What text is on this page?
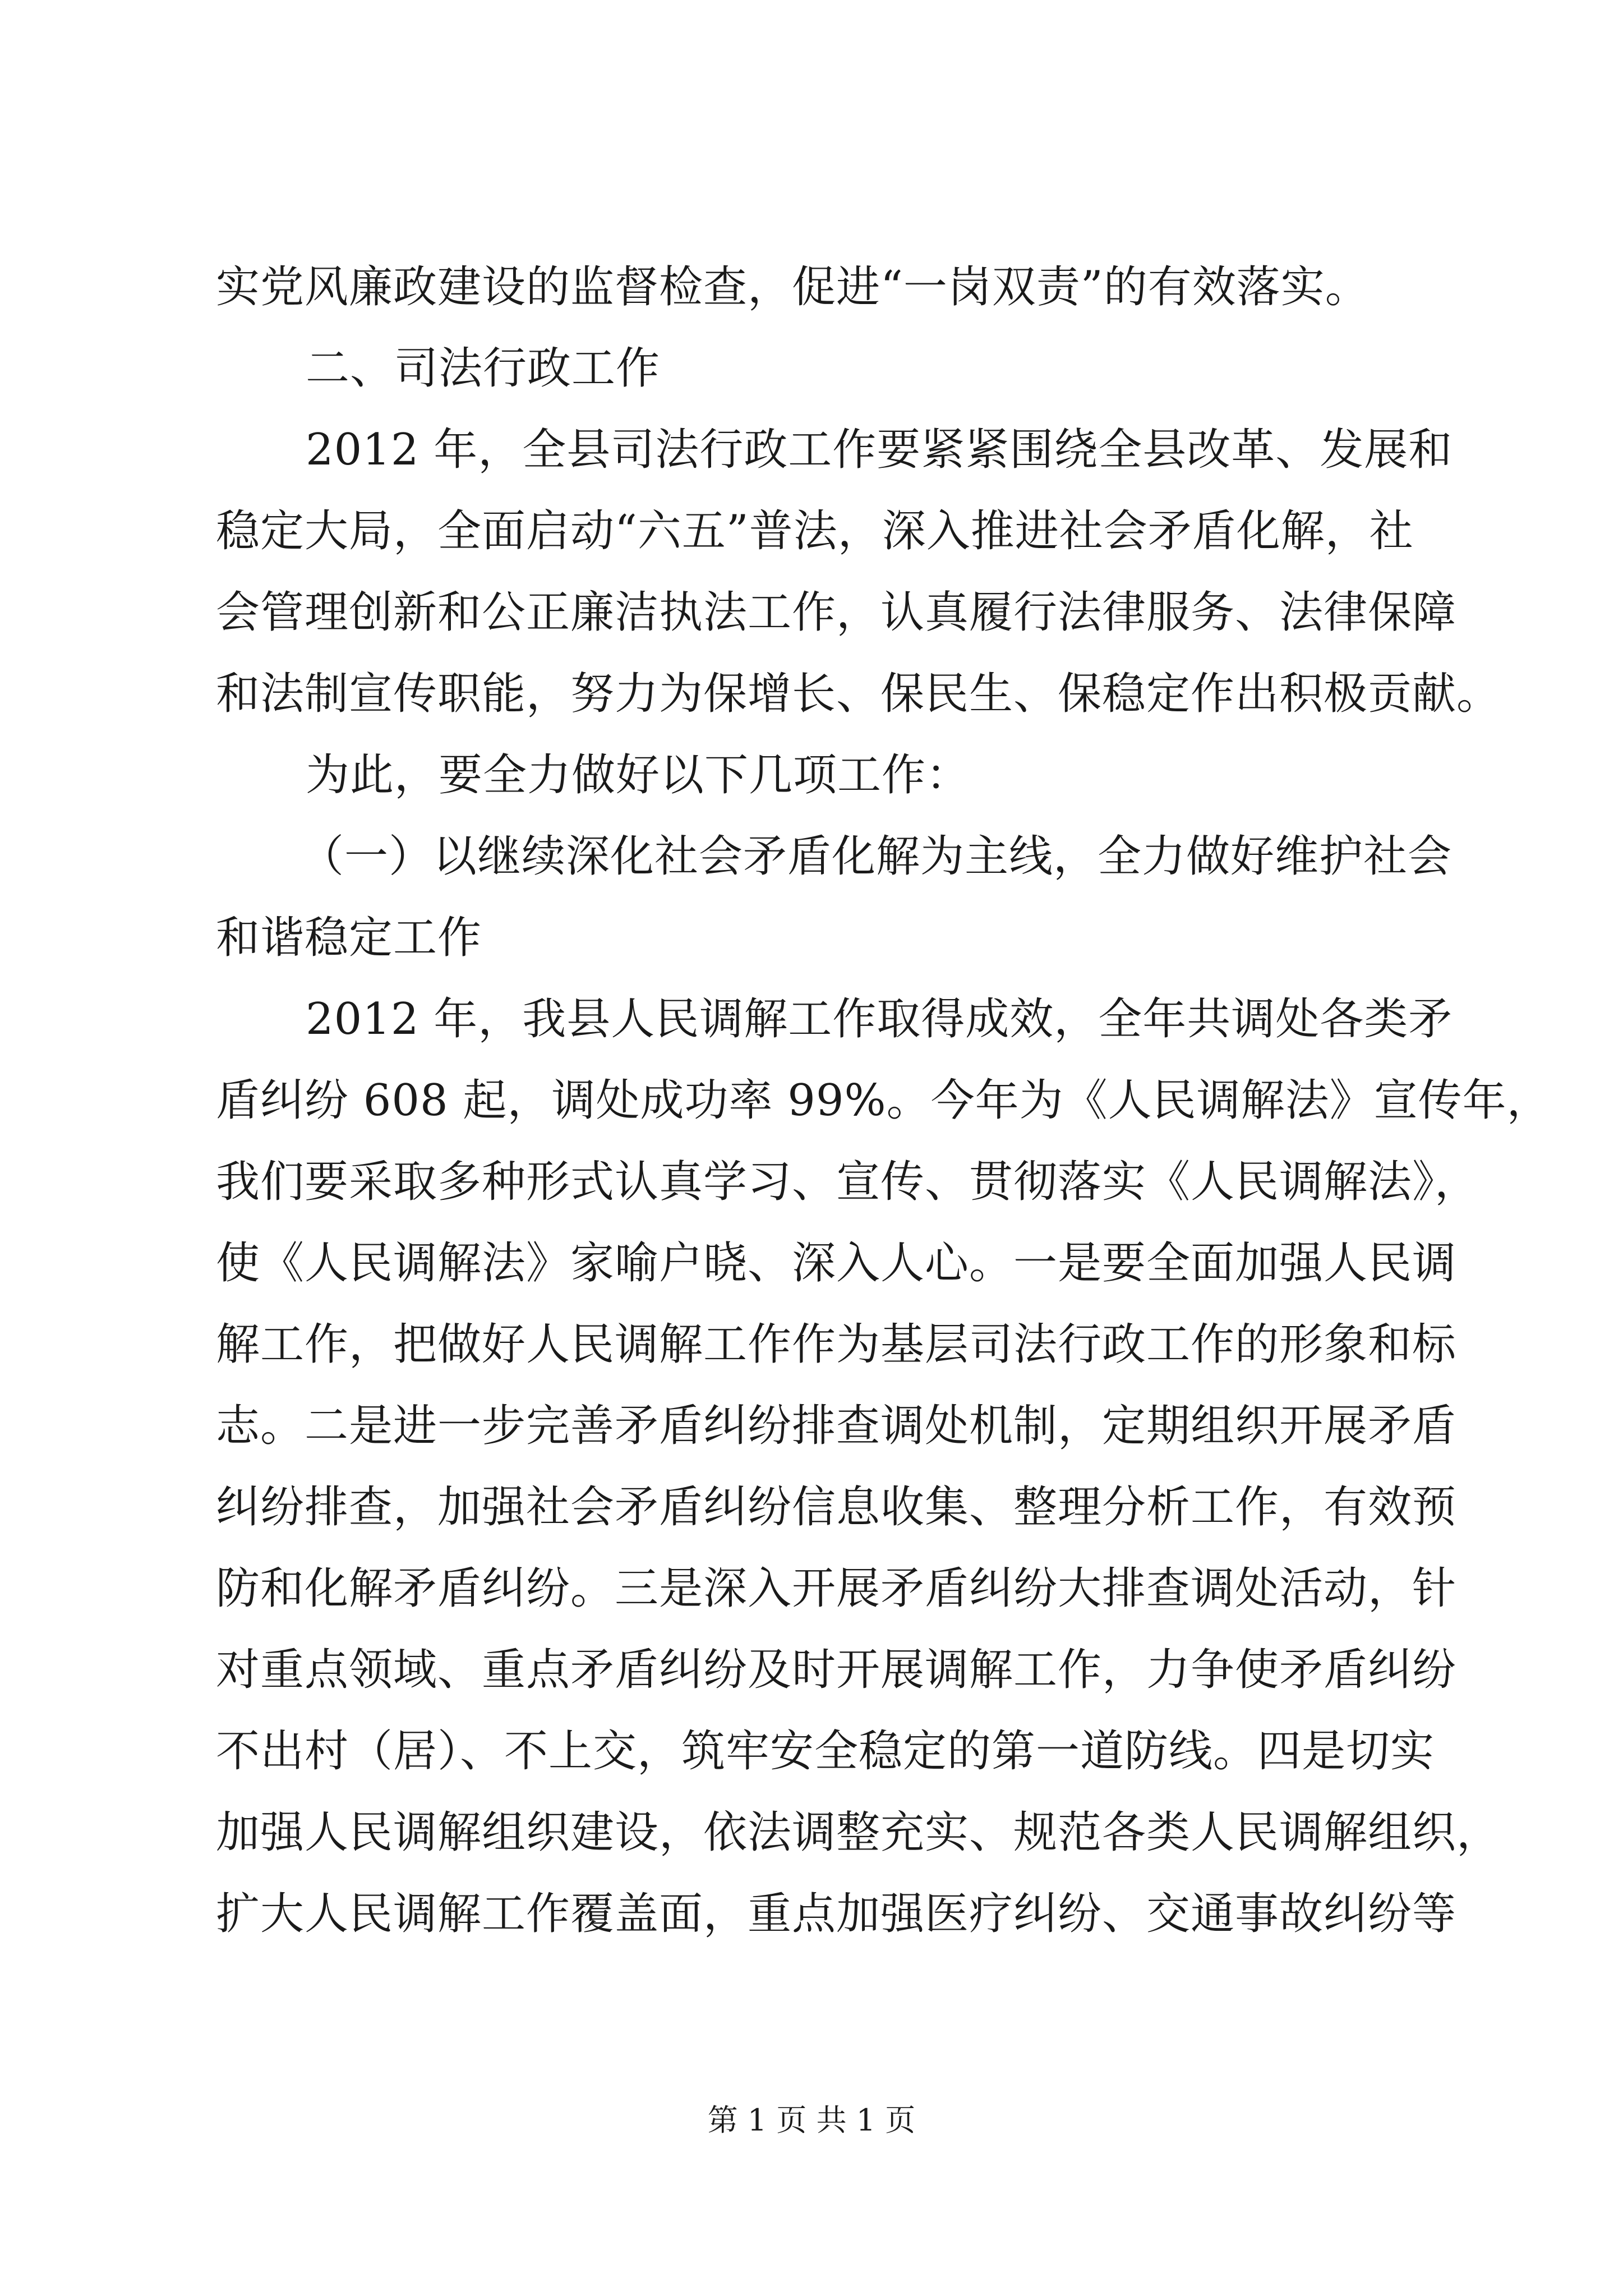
实党风廉政建设的监督检查，促进“一岗双责”的有效落实。
二、司法行政工作
2012 年，全县司法行政工作要紧紧围绕全县改革、发展和
稳定大局，全面启动“六五”普法，深入推进社会矛盾化解，社
会管理创新和公正廉洁执法工作，认真履行法律服务、法律保障
和法制宣传职能，努力为保增长、保民生、保稳定作出积极贡献。
为此，要全力做好以下几项工作：
（一）以继续深化社会矛盾化解为主线，全力做好维护社会
和谐稳定工作
2012 年，我县人民调解工作取得成效，全年共调处各类矛
盾纠纷 608 起，调处成功率 99%。今年为《人民调解法》宣传年，
我们要采取多种形式认真学习、宣传、贯彻落实《人民调解法》，
使《人民调解法》家喻户晓、深入人心。一是要全面加强人民调
解工作，把做好人民调解工作作为基层司法行政工作的形象和标
志。二是进一步完善矛盾纠纷排查调处机制，定期组织开展矛盾
纠纷排查，加强社会矛盾纠纷信息收集、整理分析工作，有效预
防和化解矛盾纠纷。三是深入开展矛盾纠纷大排查调处活动，针
对重点领域、重点矛盾纠纷及时开展调解工作，力争使矛盾纠纷
不出村（居）、不上交，筑牢安全稳定的第一道防线。四是切实
加强人民调解组织建设，依法调整充实、规范各类人民调解组织，
扩大人民调解工作覆盖面，重点加强医疗纠纷、交通事故纠纷等
第 1 页 共 1 页
